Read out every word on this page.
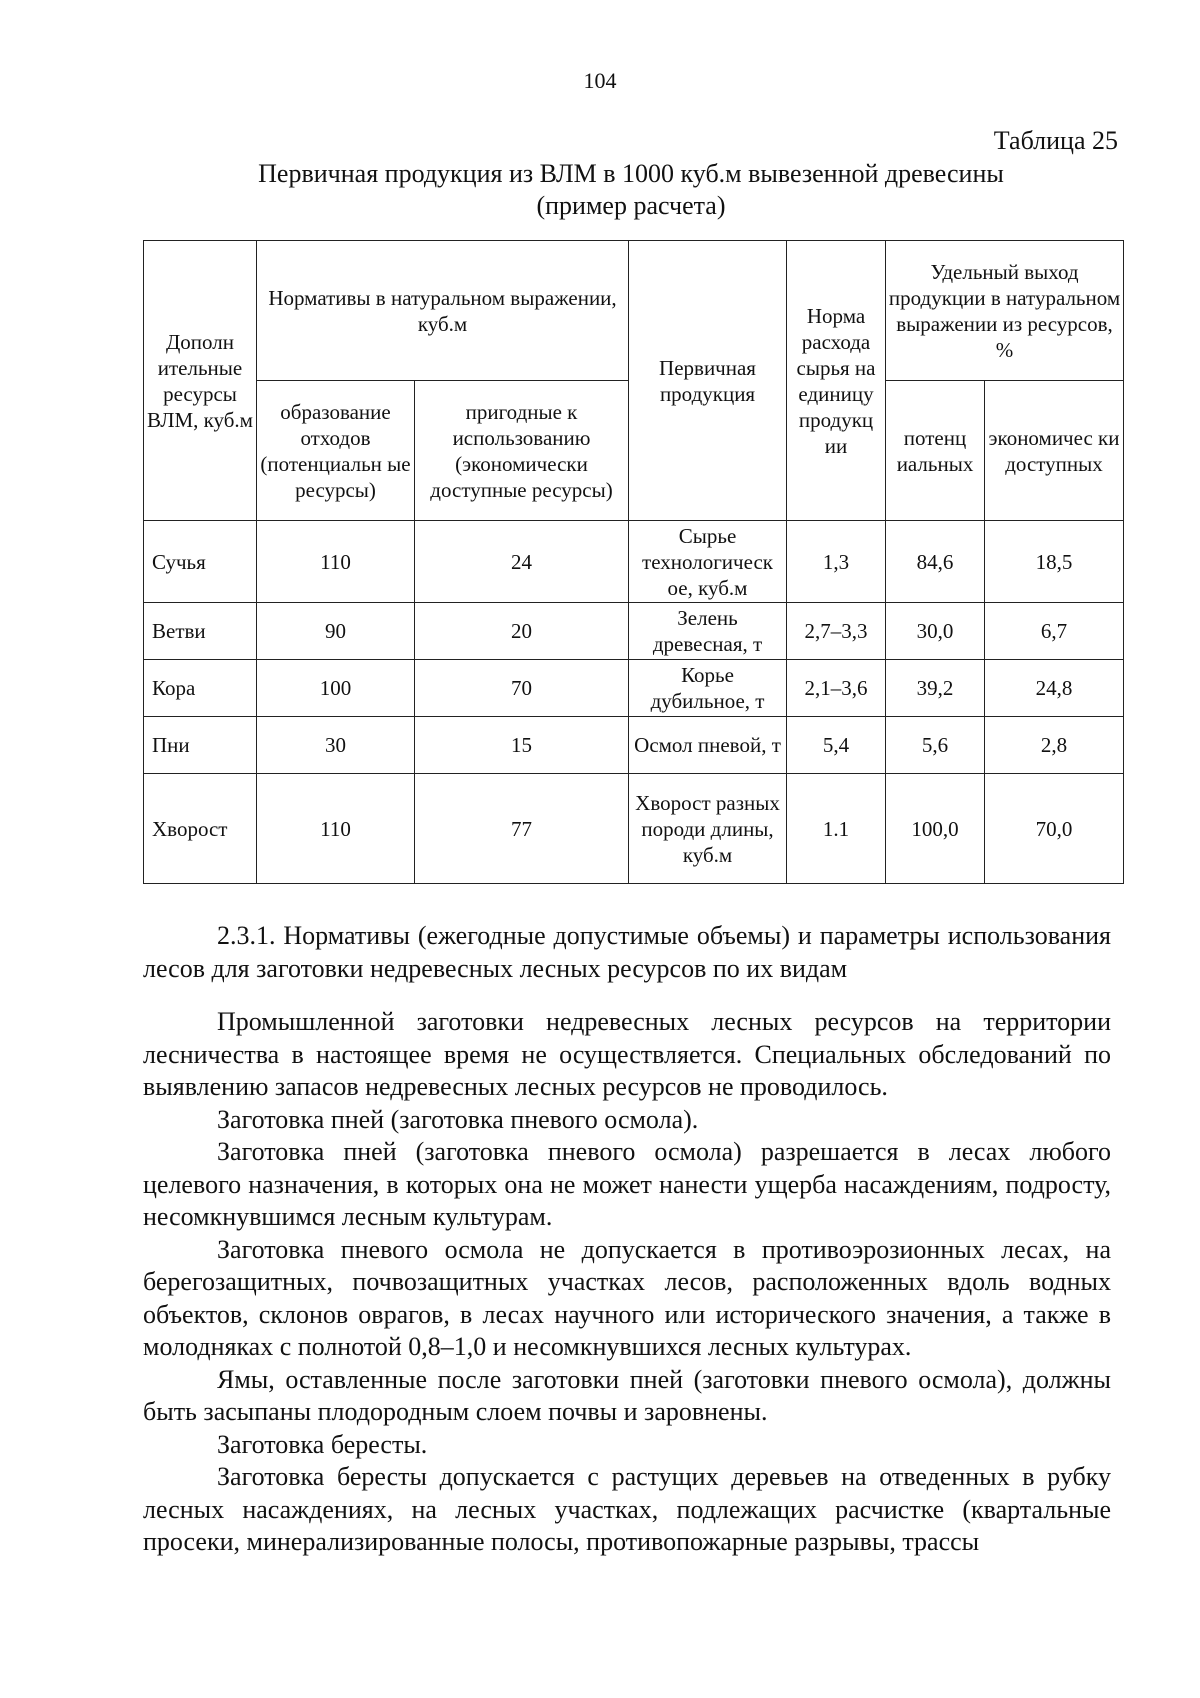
104
Таблица 25
Первичная продукция из ВЛМ в 1000 куб.м вывезенной древесины
(пример расчета)
Дополн ительные ресурсы ВЛМ, куб.м	Нормативы в натуральном выражении, куб.м		Первичная продукция	Норма расхода сырья на единицу продукц ии	Удельный выход продукции в натуральном выражении из ресурсов, %	
	образование отходов (потенциальн ые ресурсы)	пригодные к использованию (экономически доступные ресурсы)			потенц иальных	экономичес ки доступных
Сучья	110	24	Сырье технологическ ое, куб.м	1,3	84,6	18,5
Ветви	90	20	Зелень древесная, т	2,7–3,3	30,0	6,7
Кора	100	70	Корье дубильное, т	2,1–3,6	39,2	24,8
Пни	30	15	Осмол пневой, т	5,4	5,6	2,8
Хворост	110	77	Хворост разных породи длины, куб.м	1.1	100,0	70,0

2.3.1. Нормативы (ежегодные допустимые объемы) и параметры использования лесов для заготовки недревесных лесных ресурсов по их видам

Промышленной заготовки недревесных лесных ресурсов на территории лесничества в настоящее время не осуществляется. Специальных обследований по выявлению запасов недревесных лесных ресурсов не проводилось.

Заготовка пней (заготовка пневого осмола).

Заготовка пней (заготовка пневого осмола) разрешается в лесах любого целевого назначения, в которых она не может нанести ущерба насаждениям, подросту, несомкнувшимся лесным культурам.

Заготовка пневого осмола не допускается в противоэрозионных лесах, на берегозащитных, почвозащитных участках лесов, расположенных вдоль водных объектов, склонов оврагов, в лесах научного или исторического значения, а также в молодняках с полнотой 0,8–1,0 и несомкнувшихся лесных культурах.

Ямы, оставленные после заготовки пней (заготовки пневого осмола), должны быть засыпаны плодородным слоем почвы и заровнены.

Заготовка бересты.

Заготовка бересты допускается с растущих деревьев на отведенных в рубку лесных насаждениях, на лесных участках, подлежащих расчистке (квартальные просеки, минерализированные полосы, противопожарные разрывы, трассы
